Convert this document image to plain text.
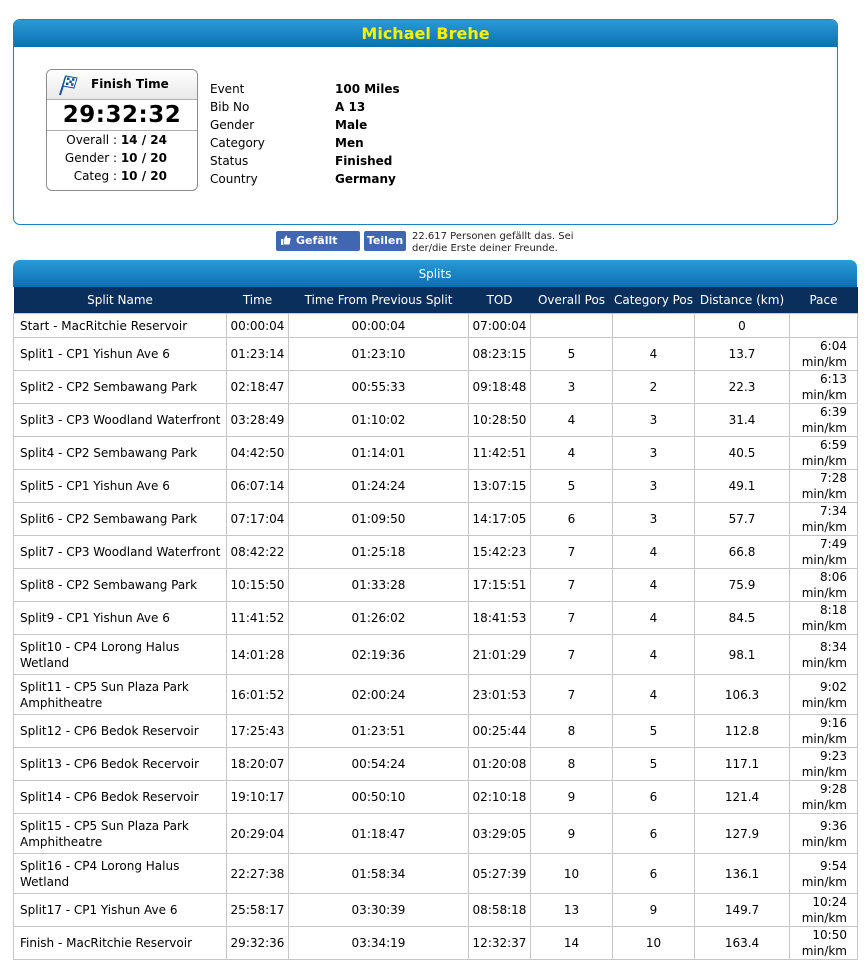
Michael Brehe
Finish Time
29:32:32
Overall : 14 / 24
Gender : 10 / 20
Categ : 10 / 20
Event	100 Miles
Bib No	A 13
Gender	Male
Category	Men
Status	Finished
Country	Germany
Gefällt	Teilen 22.617 Personen gefällt das. Sei der/die Erste deiner Freunde.
Splits
Split Name	Time	Time From Previous Split	TOD	Overall Pos	Category Pos	Distance (km)	Pace
Start - MacRitchie Reservoir	00:00:04	00:00:04	07:00:04			0	
Split1 - CP1 Yishun Ave 6	01:23:14	01:23:10	08:23:15	5	4	13.7	6:04 min/km
Split2 - CP2 Sembawang Park	02:18:47	00:55:33	09:18:48	3	2	22.3	6:13 min/km
Split3 - CP3 Woodland Waterfront	03:28:49	01:10:02	10:28:50	4	3	31.4	6:39 min/km
Split4 - CP2 Sembawang Park	04:42:50	01:14:01	11:42:51	4	3	40.5	6:59 min/km
Split5 - CP1 Yishun Ave 6	06:07:14	01:24:24	13:07:15	5	3	49.1	7:28 min/km
Split6 - CP2 Sembawang Park	07:17:04	01:09:50	14:17:05	6	3	57.7	7:34 min/km
Split7 - CP3 Woodland Waterfront	08:42:22	01:25:18	15:42:23	7	4	66.8	7:49 min/km
Split8 - CP2 Sembawang Park	10:15:50	01:33:28	17:15:51	7	4	75.9	8:06 min/km
Split9 - CP1 Yishun Ave 6	11:41:52	01:26:02	18:41:53	7	4	84.5	8:18 min/km
Split10 - CP4 Lorong Halus Wetland	14:01:28	02:19:36	21:01:29	7	4	98.1	8:34 min/km
Split11 - CP5 Sun Plaza Park Amphitheatre	16:01:52	02:00:24	23:01:53	7	4	106.3	9:02 min/km
Split12 - CP6 Bedok Reservoir	17:25:43	01:23:51	00:25:44	8	5	112.8	9:16 min/km
Split13 - CP6 Bedok Recervoir	18:20:07	00:54:24	01:20:08	8	5	117.1	9:23 min/km
Split14 - CP6 Bedok Reservoir	19:10:17	00:50:10	02:10:18	9	6	121.4	9:28 min/km
Split15 - CP5 Sun Plaza Park Amphitheatre	20:29:04	01:18:47	03:29:05	9	6	127.9	9:36 min/km
Split16 - CP4 Lorong Halus Wetland	22:27:38	01:58:34	05:27:39	10	6	136.1	9:54 min/km
Split17 - CP1 Yishun Ave 6	25:58:17	03:30:39	08:58:18	13	9	149.7	10:24 min/km
Finish - MacRitchie Reservoir	29:32:36	03:34:19	12:32:37	14	10	163.4	10:50 min/km
